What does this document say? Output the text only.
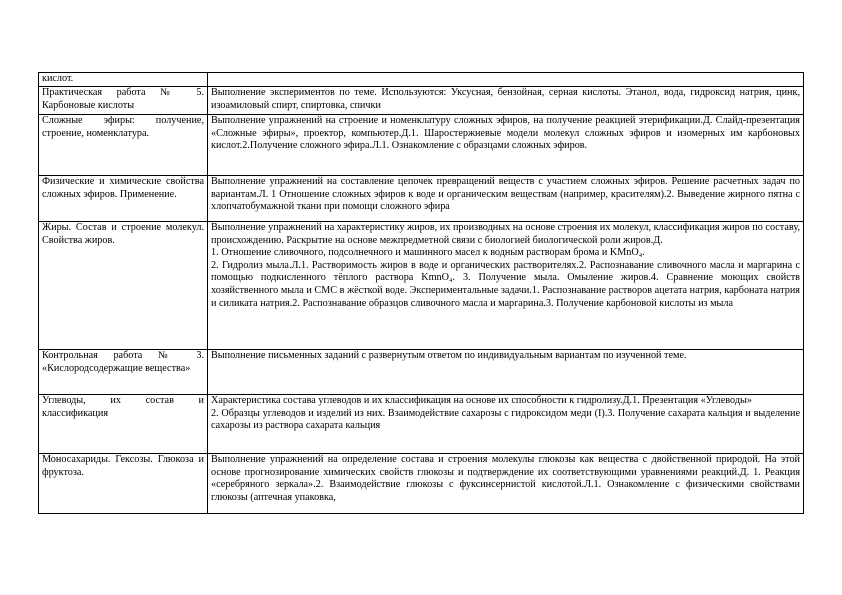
кислот.	

Практическая работа № 5. Карбоновые кислоты	Выполнение экспериментов по теме. Используются: Уксусная, бензойная, серная кислоты. Этанол, вода, гидроксид натрия, цинк, изоамиловый спирт, спиртовка, спички

Сложные эфиры: получение, строение, номенклатура.	Выполнение упражнений на строение и номенклатуру сложных эфиров, на получение реакцией этерификации.Д. Слайд-презентация «Сложные эфиры», проектор, компьютер.Д.1. Шаростержневые модели молекул сложных эфиров и изомерных им карбоновых кислот.2.Получение сложного эфира.Л.1. Ознакомление с образцами сложных эфиров.

Физические и химические свойства сложных эфиров. Применение.	Выполнение упражнений на составление цепочек превращений веществ с участием сложных эфиров. Решение расчетных задач по вариантам.Л. 1 Отношение сложных эфиров к воде и органическим веществам (например, красителям).2. Выведение жирного пятна с хлопчатобумажной ткани при помощи сложного эфира

Жиры. Состав и строение молекул. Свойства жиров.	Выполнение упражнений на характеристику жиров, их производных на основе строения их молекул, классификация жиров по составу, происхождению. Раскрытие на основе межпредметной связи с биологией биологической роли жиров.Д.

1. Отношение сливочного, подсолнечного и машинного масел к водным растворам брома и KMnO₄.

2. Гидролиз мыла.Л.1. Растворимость жиров в воде и органических растворителях.2. Распознавание сливочного масла и маргарина с помощью подкисленного тёплого раствора KmnO₄. 3. Получение мыла. Омыление жиров.4. Сравнение моющих свойств хозяйственного мыла и СМС в жёсткой воде. Экспериментальные задачи.1. Распознавание растворов ацетата натрия, карбоната натрия и силиката натрия.2. Распознавание образцов сливочного масла и маргарина.3. Получение карбоновой кислоты из мыла

Контрольная работа № 3. «Кислородсодержащие вещества»	Выполнение письменных заданий с развернутым ответом по индивидуальным вариантам по изученной теме.

Углеводы, их состав и классификация	Характеристика состава углеводов и их классификация на основе их способности к гидролизу.Д.1. Презентация «Углеводы»

2. Образцы углеводов и изделий из них. Взаимодействие сахарозы с гидроксидом меди (I).3. Получение сахарата кальция и выделение сахарозы из раствора сахарата кальция

Моносахариды. Гексозы. Глюкоза и фруктоза.	Выполнение упражнений на определение состава и строения молекулы глюкозы как вещества с двойственной природой. На этой основе прогнозирование химических свойств глюкозы и подтверждение их соответствующими уравнениями реакций.Д. 1. Реакция «серебряного зеркала».2. Взаимодействие глюкозы с фуксинсернистой кислотой.Л.1. Ознакомление с физическими свойствами глюкозы (аптечная упаковка,
